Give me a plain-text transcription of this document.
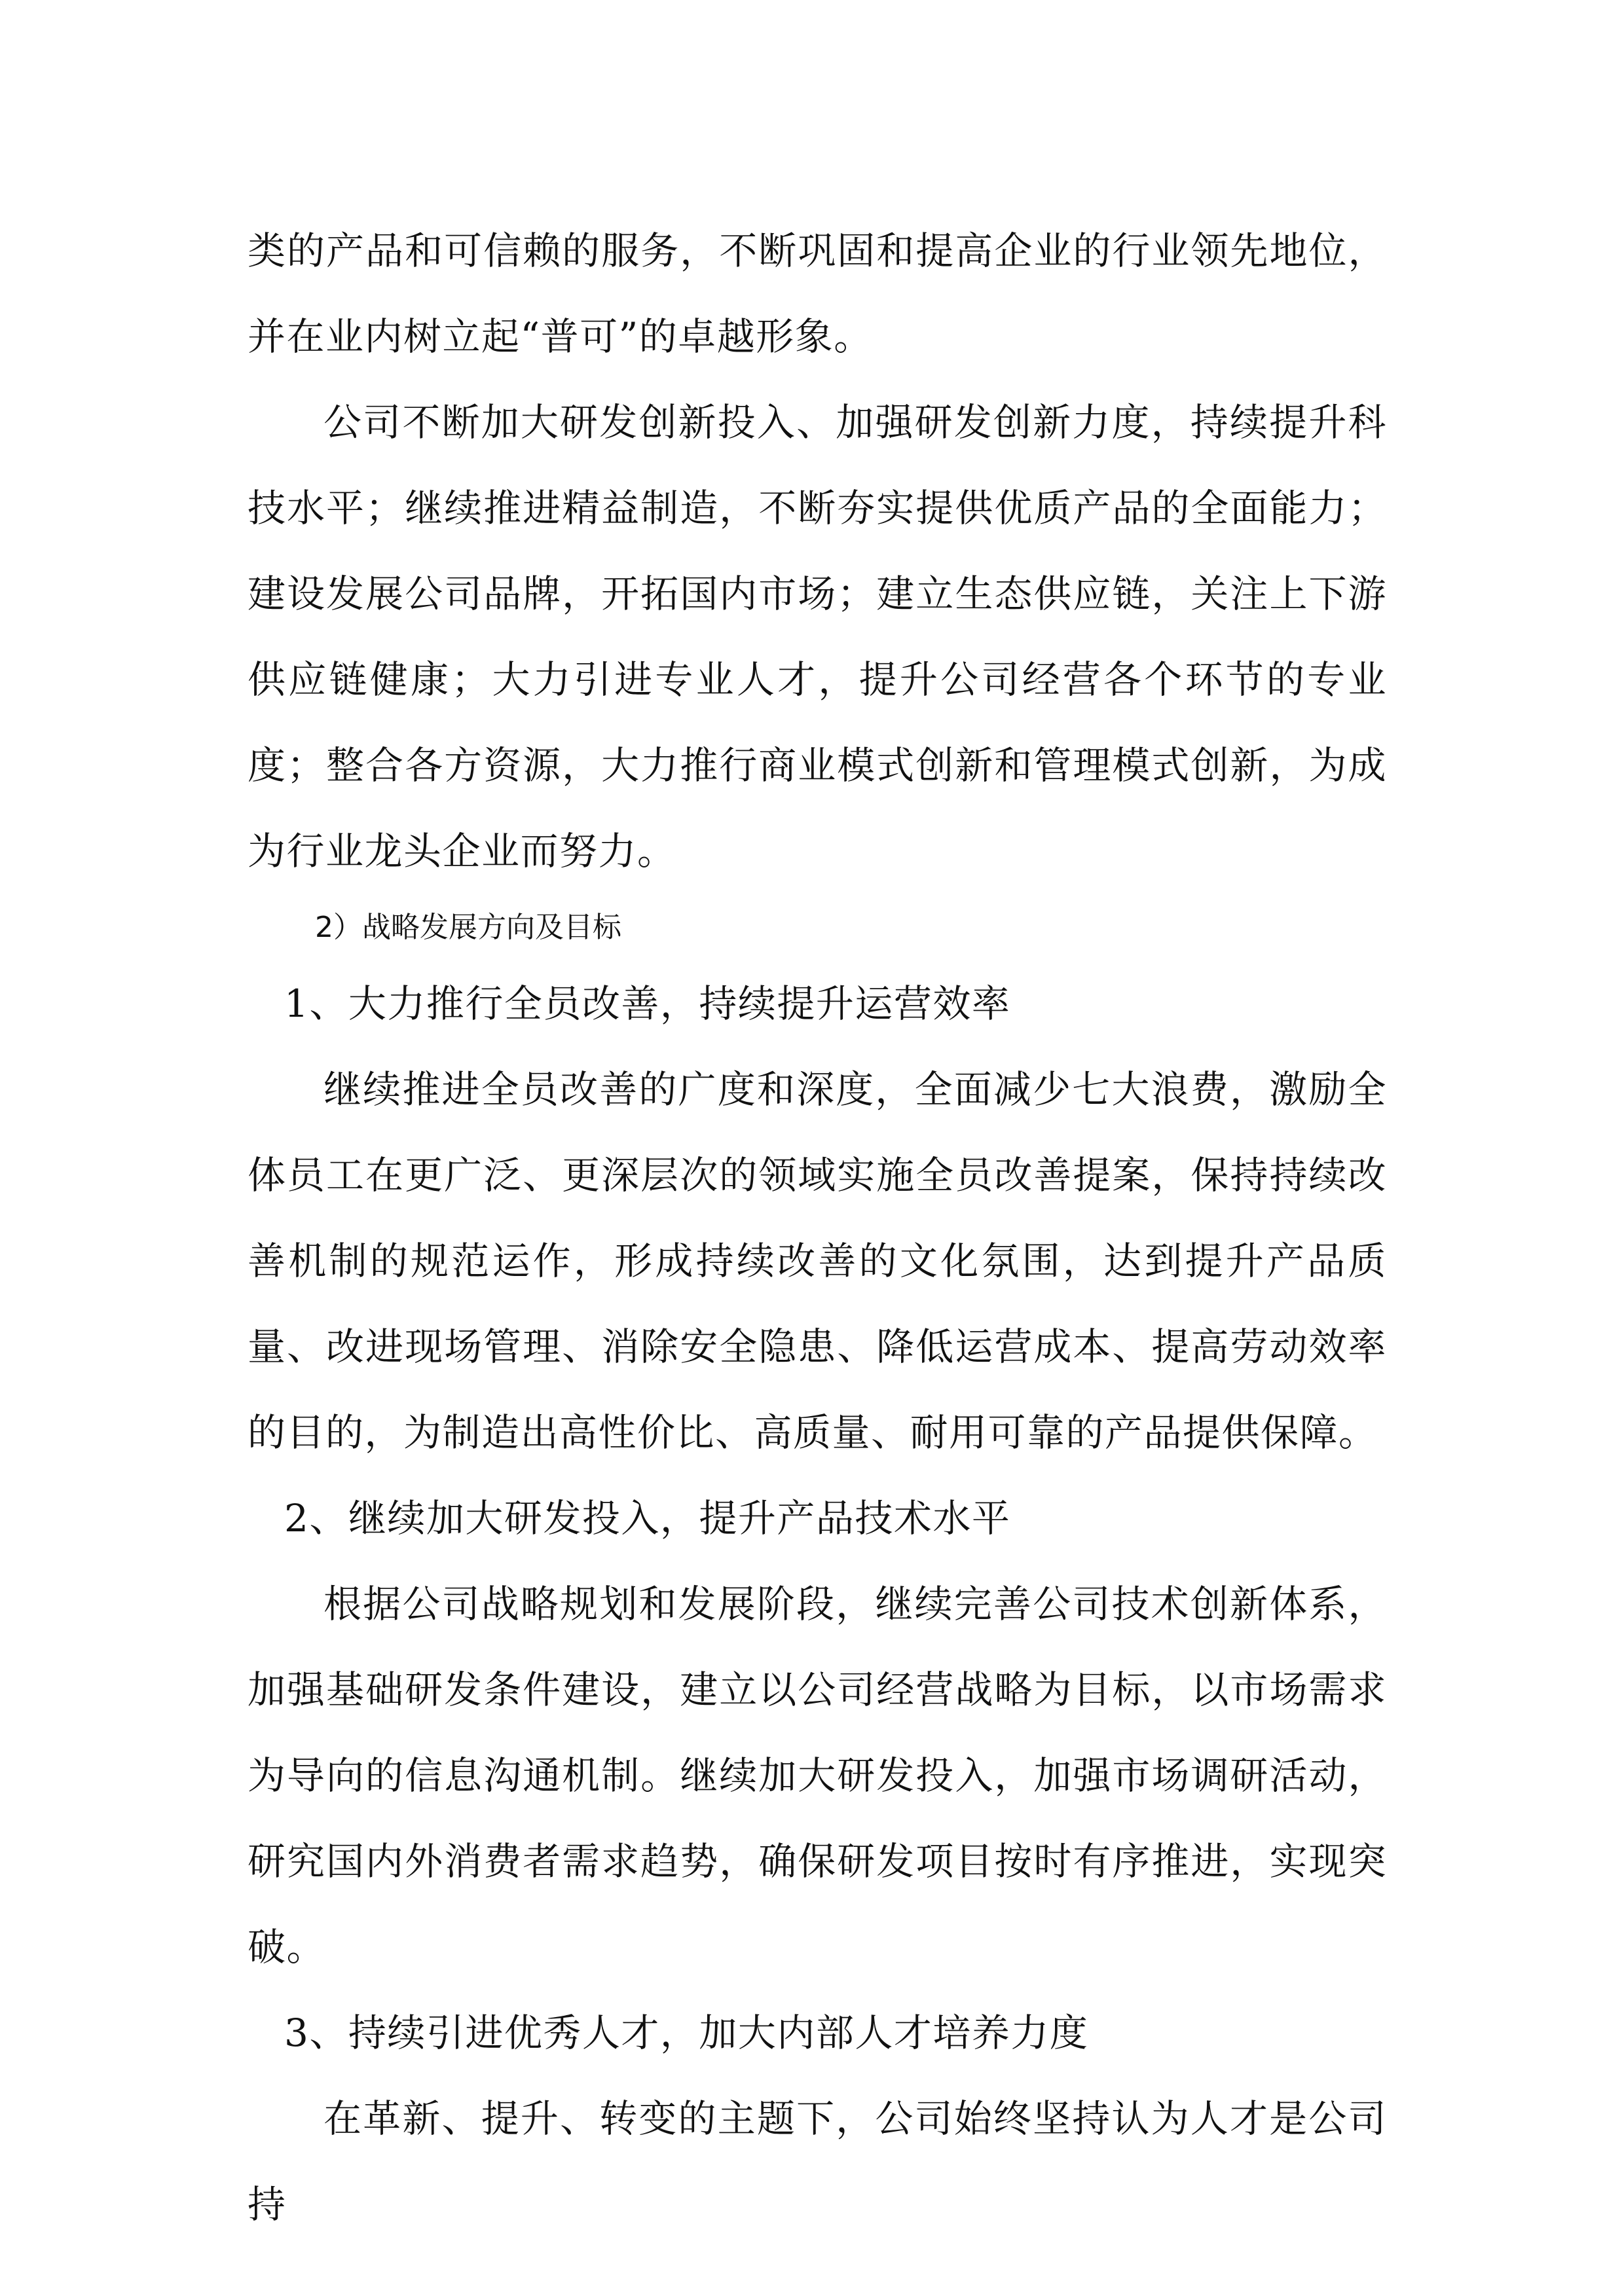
类的产品和可信赖的服务，不断巩固和提高企业的行业领先地位，并在业内树立起“普可”的卓越形象。

公司不断加大研发创新投入、加强研发创新力度，持续提升科技水平；继续推进精益制造，不断夯实提供优质产品的全面能力；建设发展公司品牌，开拓国内市场；建立生态供应链，关注上下游供应链健康；大力引进专业人才，提升公司经营各个环节的专业度；整合各方资源，大力推行商业模式创新和管理模式创新，为成为行业龙头企业而努力。

2）战略发展方向及目标

1、大力推行全员改善，持续提升运营效率

继续推进全员改善的广度和深度，全面减少七大浪费，激励全体员工在更广泛、更深层次的领域实施全员改善提案，保持持续改善机制的规范运作，形成持续改善的文化氛围，达到提升产品质量、改进现场管理、消除安全隐患、降低运营成本、提高劳动效率的目的，为制造出高性价比、高质量、耐用可靠的产品提供保障。

2、继续加大研发投入，提升产品技术水平

根据公司战略规划和发展阶段，继续完善公司技术创新体系，加强基础研发条件建设，建立以公司经营战略为目标，以市场需求为导向的信息沟通机制。继续加大研发投入，加强市场调研活动，研究国内外消费者需求趋势，确保研发项目按时有序推进，实现突破。

3、持续引进优秀人才，加大内部人才培养力度

在革新、提升、转变的主题下，公司始终坚持认为人才是公司持
